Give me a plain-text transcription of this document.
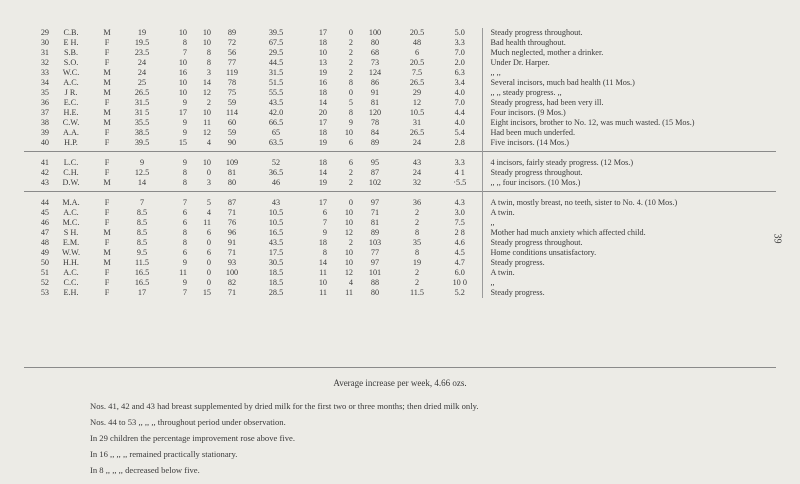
29	C.B.	M	19	10	10	89	39.5	17	0	100	20.5	5.0	Steady progress throughout.
30	E H.	F	19.5	8	10	72	67.5	18	2	80	48	3.3	Bad health throughout.
31	S.B.	F	23.5	7	8	56	29.5	10	2	68	6	7.0	Much neglected, mother a drinker.
32	S.O.	F	24	10	8	77	44.5	13	2	73	20.5	2.0	Under Dr. Harper.
33	W.C.	M	24	16	3	119	31.5	19	2	124	7.5	6.3	,, ,,
34	A.C.	M	25	10	14	78	51.5	16	8	86	26.5	3.4	Several incisors, much bad health (11 Mos.)
35	J R.	M	26.5	10	12	75	55.5	18	0	91	29	4.0	,, ,, steady progress. ,,
36	E.C.	F	31.5	9	2	59	43.5	14	5	81	12	7.0	Steady progress, had been very ill.
37	H.E.	M	31 5	17	10	114	42.0	20	8	120	10.5	4.4	Four incisors. (9 Mos.)
38	C.W.	M	35.5	9	11	60	66.5	17	9	78	31	4.0	Eight incisors, brother to No. 12, was much wasted. (15 Mos.)
39	A.A.	F	38.5	9	12	59	65	18	10	84	26.5	5.4	Had been much underfed.
40	H.P.	F	39.5	15	4	90	63.5	19	6	89	24	2.8	Five incisors. (14 Mos.)
41	L.C.	F	9	9	10	109	52	18	6	95	43	3.3	4 incisors, fairly steady progress. (12 Mos.)
42	C.H.	F	12.5	8	0	81	36.5	14	2	87	24	4 1	Steady progress throughout.
43	D.W.	M	14	8	3	80	46	19	2	102	32	·5.5	,, ,, four incisors. (10 Mos.)
44	M.A.	F	7	7	5	87	43	17	0	97	36	4.3	A twin, mostly breast, no teeth, sister to No. 4. (10 Mos.)
45	A.C.	F	8.5	6	4	71	10.5	6	10	71	2	3.0	A twin.
46	M.C.	F	8.5	6	11	76	10.5	7	10	81	2	7.5	,,
47	S H.	M	8.5	8	6	96	16.5	9	12	89	8	2 8	Mother had much anxiety which affected child.
48	E.M.	F	8.5	8	0	91	43.5	18	2	103	35	4.6	Steady progress throughout.
49	W.W.	M	9.5	6	6	71	17.5	8	10	77	8	4.5	Home conditions unsatisfactory.
50	H.H.	M	11.5	9	0	93	30.5	14	10	97	19	4.7	Steady progress.
51	A.C.	F	16.5	11	0	100	18.5	11	12	101	2	6.0	A twin.
52	C.C.	F	16.5	9	0	82	18.5	10	4	88	2	10 0	,,
53	E.H.	F	17	7	15	71	28.5	11	11	80	11.5	5.2	Steady progress.
Average increase per week, 4.66 ozs.
Nos. 41, 42 and 43 had breast supplemented by dried milk for the first two or three months; then dried milk only.
Nos. 44 to 53 ,, ,, ,, throughout period under observation.
In 29 children the percentage improvement rose above five.
In 16 ,, ,, ,, remained practically stationary.
In 8 ,, ,, ,, decreased below five.
39
